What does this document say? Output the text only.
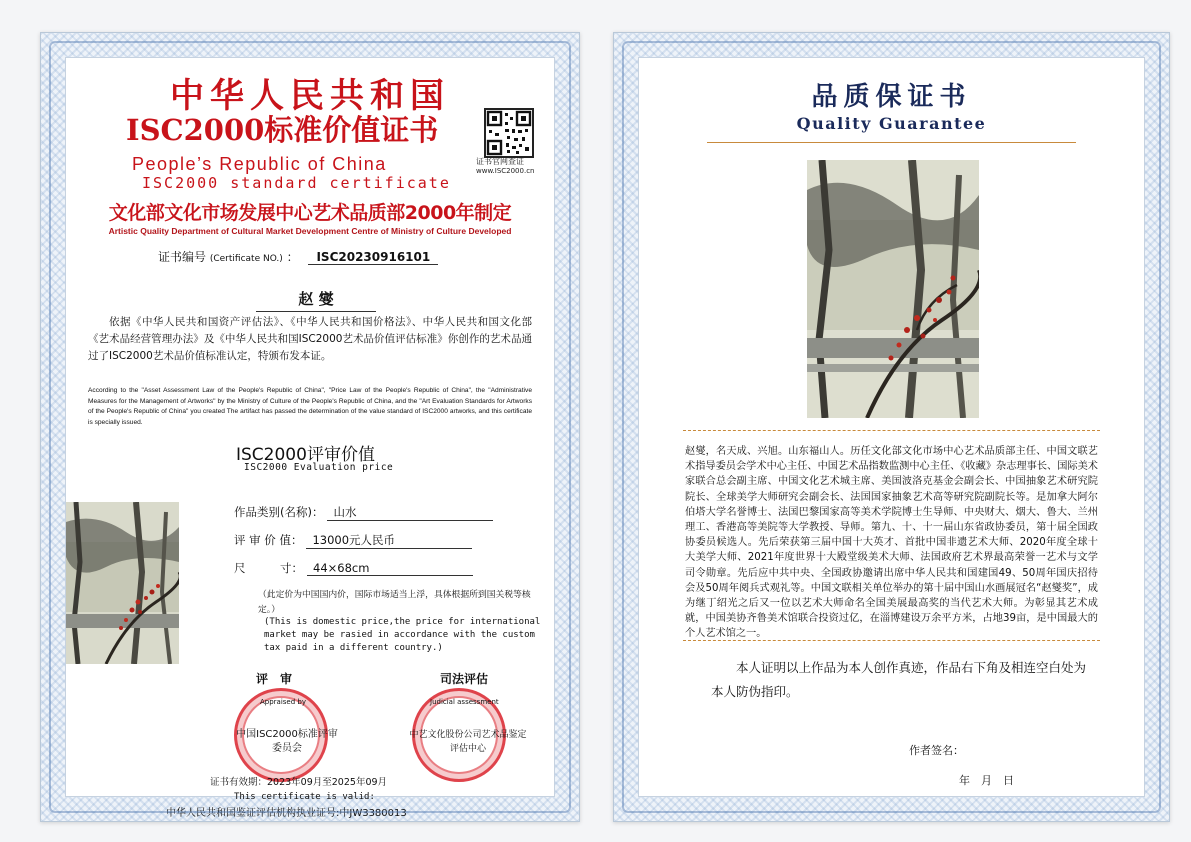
中华人民共和国
ISC2000标准价值证书
People’s Republic of China
ISC2000 standard certificate
证书官网查证
www.ISC2000.cn
文化部文化市场发展中心艺术品质部2000年制定
Artistic Quality Department of Cultural Market Development Centre of Ministry of Culture Developed
证书编号 (Certificate NO.) ： ISC20230916101
赵 燮
依据《中华人民共和国资产评估法》、《中华人民共和国价格法》、中华人民共和国文化部《艺术品经营管理办法》及《中华人民共和国ISC2000艺术品价值评估标准》你创作的艺术品通过了ISC2000艺术品价值标准认定，特颁布发本证。
According to the "Asset Assessment Law of the People's Republic of China", "Price Law of the People's Republic of China", the "Administrative Measures for the Management of Artworks" by the Ministry of Culture of the People's Republic of China, and the "Art Evaluation Standards for Artworks of the People's Republic of China" you created The artifact has passed the determination of the value standard of ISC2000 artworks, and this certificate is specially issued.
ISC2000评审价值
ISC2000 Evaluation price
作品类别(名称)： 山水
评 审 价 值： 13000元人民币
尺　　　寸： 44×68cm
（此定价为中国国内价，国际市场适当上浮，具体根据所到国关税等核定。）
(This is domestic price,the price for international market may be rasied in accordance with the custom tax paid in a different country.)
评　审	司法评估
Appraised by	Judicial assessment
中国ISC2000标准评审委员会
中艺文化股份公司艺术品鉴定评估中心
证书有效期：2023年09月至2025年09月
This certificate is valid:
中华人民共和国鉴证评估机构执业证号:中JW3380013
品质保证书
Quality Guarantee
赵燮，名天成、兴旭。山东福山人。历任文化部文化市场中心艺术品质部主任、中国文联艺术指导委员会学术中心主任、中国艺术品指数监测中心主任、《收藏》杂志理事长、国际美术家联合总会副主席、中国文化艺术城主席、美国波洛克基金会副会长、中国抽象艺术研究院院长、全球美学大师研究会副会长、法国国家抽象艺术高等研究院副院长等。是加拿大阿尔伯塔大学名誉博士、法国巴黎国家高等美术学院博士生导师、中央财大、烟大、鲁大、兰州理工、香港高等美院等大学教授、导师。第九、十、十一届山东省政协委员，第十届全国政协委员候选人。先后荣获第三届中国十大英才、首批中国非遗艺术大师、2020年度全球十大美学大师、2021年度世界十大殿堂级美术大师、法国政府艺术界最高荣誉一艺术与文学司令勋章。先后应中共中央、全国政协邀请出席中华人民共和国建国49、50周年国庆招待会及50周年阅兵式观礼等。中国文联相关单位举办的第十届中国山水画展冠名“赵燮奖”，成为继丁绍光之后又一位以艺术大师命名全国美展最高奖的当代艺术大师。为彰显其艺术成就，中国美协齐鲁美术馆联合投资过亿，在淄博建设万余平方米，占地39亩，是中国最大的个人艺术馆之一。
本人证明以上作品为本人创作真迹，作品右下角及相连空白处为本人防伪指印。
作者签名：
年　月　日
